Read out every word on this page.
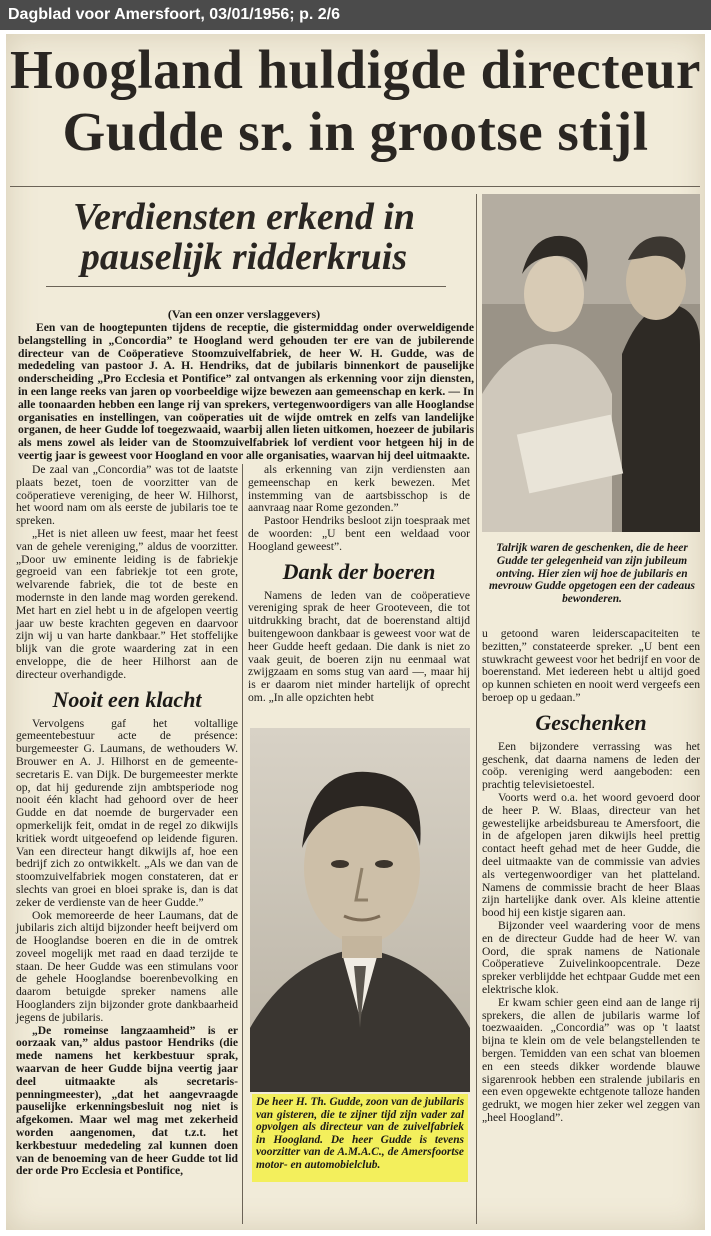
Dagblad voor Amersfoort, 03/01/1956; p. 2/6
Hoogland huldigde directeur
Gudde sr. in grootse stijl
Verdiensten erkend in
pauselijk ridderkruis
(Van een onzer verslaggevers)
Een van de hoogtepunten tijdens de receptie, die gistermiddag onder overweldigende belangstelling in „Concordia” te Hoogland werd gehouden ter ere van de jubilerende directeur van de Coöperatieve Stoomzuivelfabriek, de heer W. H. Gudde, was de mededeling van pastoor J. A. H. Hendriks, dat de jubilaris binnenkort de pauselijke onderscheiding „Pro Ecclesia et Pontifice” zal ontvangen als erkenning voor zijn diensten, in een lange reeks van jaren op voorbeeldige wijze bewezen aan gemeenschap en kerk. — In alle toonaarden hebben een lange rij van sprekers, vertegenwoordigers van alle Hooglandse organisaties en instellingen, van coöperaties uit de wijde omtrek en zelfs van landelijke organen, de heer Gudde lof toegezwaaid, waarbij allen lieten uitkomen, hoezeer de jubilaris als mens zowel als leider van de Stoomzuivelfabriek lof verdient voor hetgeen hij in de veertig jaar is geweest voor Hoogland en voor alle organisaties, waarvan hij deel uitmaakte.

De zaal van „Concordia” was tot de laatste plaats bezet, toen de voorzitter van de coöperatieve vereniging, de heer W. Hilhorst, het woord nam om als eerste de jubilaris toe te spreken.

„Het is niet alleen uw feest, maar het feest van de gehele vereniging,” aldus de voorzitter. „Door uw eminente leiding is de fabriekje gegroeid van een fabriekje tot een grote, welvarende fabriek, die tot de beste en modernste in den lande mag worden gerekend. Met hart en ziel hebt u in de afgelopen veertig jaar uw beste krachten gegeven en daarvoor zijn wij u van harte dankbaar.” Het stoffelijke blijk van die grote waardering zat in een enveloppe, die de heer Hilhorst aan de directeur overhandigde.

Nooit een klacht

Vervolgens gaf het voltallige gemeentebestuur acte de présence: burgemeester G. Laumans, de wethouders W. Brouwer en A. J. Hilhorst en de gemeente-secretaris E. van Dijk. De burgemeester merkte op, dat hij gedurende zijn ambtsperiode nog nooit één klacht had gehoord over de heer Gudde en dat noemde de burgervader een opmerkelijk feit, omdat in de regel zo dikwijls kritiek wordt uitgeoefend op leidende figuren. Van een directeur hangt dikwijls af, hoe een bedrijf zich zo ontwikkelt. „Als we dan van de stoomzuivelfabriek mogen constateren, dat er slechts van groei en bloei sprake is, dan is dat zeker de verdienste van de heer Gudde.”

Ook memoreerde de heer Laumans, dat de jubilaris zich altijd bijzonder heeft beijverd om de Hooglandse boeren en die in de omtrek zoveel mogelijk met raad en daad terzijde te staan. De heer Gudde was een stimulans voor de gehele Hooglandse boerenbevolking en daarom betuigde spreker namens alle Hooglanders zijn bijzonder grote dankbaarheid jegens de jubilaris.

„De romeinse langzaamheid” is er oorzaak van,” aldus pastoor Hendriks (die mede namens het kerkbestuur sprak, waarvan de heer Gudde bijna veertig jaar deel uitmaakte als secretaris-penningmeester), „dat het aangevraagde pauselijke erkenningsbesluit nog niet is afgekomen. Maar wel mag met zekerheid worden aangenomen, dat t.z.t. het kerkbestuur mededeling zal kunnen doen van de benoeming van de heer Gudde tot lid der orde Pro Ecclesia et Pontifice,

als erkenning van zijn verdiensten aan gemeenschap en kerk bewezen. Met instemming van de aartsbisschop is de aanvraag naar Rome gezonden.”

Pastoor Hendriks besloot zijn toespraak met de woorden: „U bent een weldaad voor Hoogland geweest”.

Dank der boeren

Namens de leden van de coöperatieve vereniging sprak de heer Grooteveen, die tot uitdrukking bracht, dat de boerenstand altijd buitengewoon dankbaar is geweest voor wat de heer Gudde heeft gedaan. Die dank is niet zo vaak geuit, de boeren zijn nu eenmaal wat zwijgzaam en soms stug van aard —, maar hij is er daarom niet minder hartelijk of oprecht om. „In alle opzichten hebt

De heer H. Th. Gudde, zoon van de jubilaris van gisteren, die te zijner tijd zijn vader zal opvolgen als directeur van de zuivelfabriek in Hoogland. De heer Gudde is tevens voorzitter van de A.M.A.C., de Amersfoortse motor- en automobielclub.
Talrijk waren de geschenken, die de heer Gudde ter gelegenheid van zijn jubileum ontving. Hier zien wij hoe de jubilaris en mevrouw Gudde opgetogen een der cadeaus bewonderen.

u getoond waren leiderscapaciteiten te bezitten,” constateerde spreker. „U bent een stuwkracht geweest voor het bedrijf en voor de boerenstand. Met iedereen hebt u altijd goed op kunnen schieten en nooit werd vergeefs een beroep op u gedaan.”

Geschenken

Een bijzondere verrassing was het geschenk, dat daarna namens de leden der coöp. vereniging werd aangeboden: een prachtig televisietoestel.

Voorts werd o.a. het woord gevoerd door de heer P. W. Blaas, directeur van het gewestelijke arbeidsbureau te Amersfoort, die in de afgelopen jaren dikwijls heel prettig contact heeft gehad met de heer Gudde, die deel uitmaakte van de commissie van advies als vertegenwoordiger van het platteland. Namens de commissie bracht de heer Blaas zijn hartelijke dank over. Als kleine attentie bood hij een kistje sigaren aan.

Bijzonder veel waardering voor de mens en de directeur Gudde had de heer W. van Oord, die sprak namens de Nationale Coöperatieve Zuivelinkoopcentrale. Deze spreker verblijdde het echtpaar Gudde met een elektrische klok.

Er kwam schier geen eind aan de lange rij sprekers, die allen de jubilaris warme lof toezwaaiden. „Concordia” was op 't laatst bijna te klein om de vele belangstellenden te bergen. Temidden van een schat van bloemen en een steeds dikker wordende blauwe sigarenrook hebben een stralende jubilaris en een even opgewekte echtgenote talloze handen gedrukt, we mogen hier zeker wel zeggen van „heel Hoogland”.
